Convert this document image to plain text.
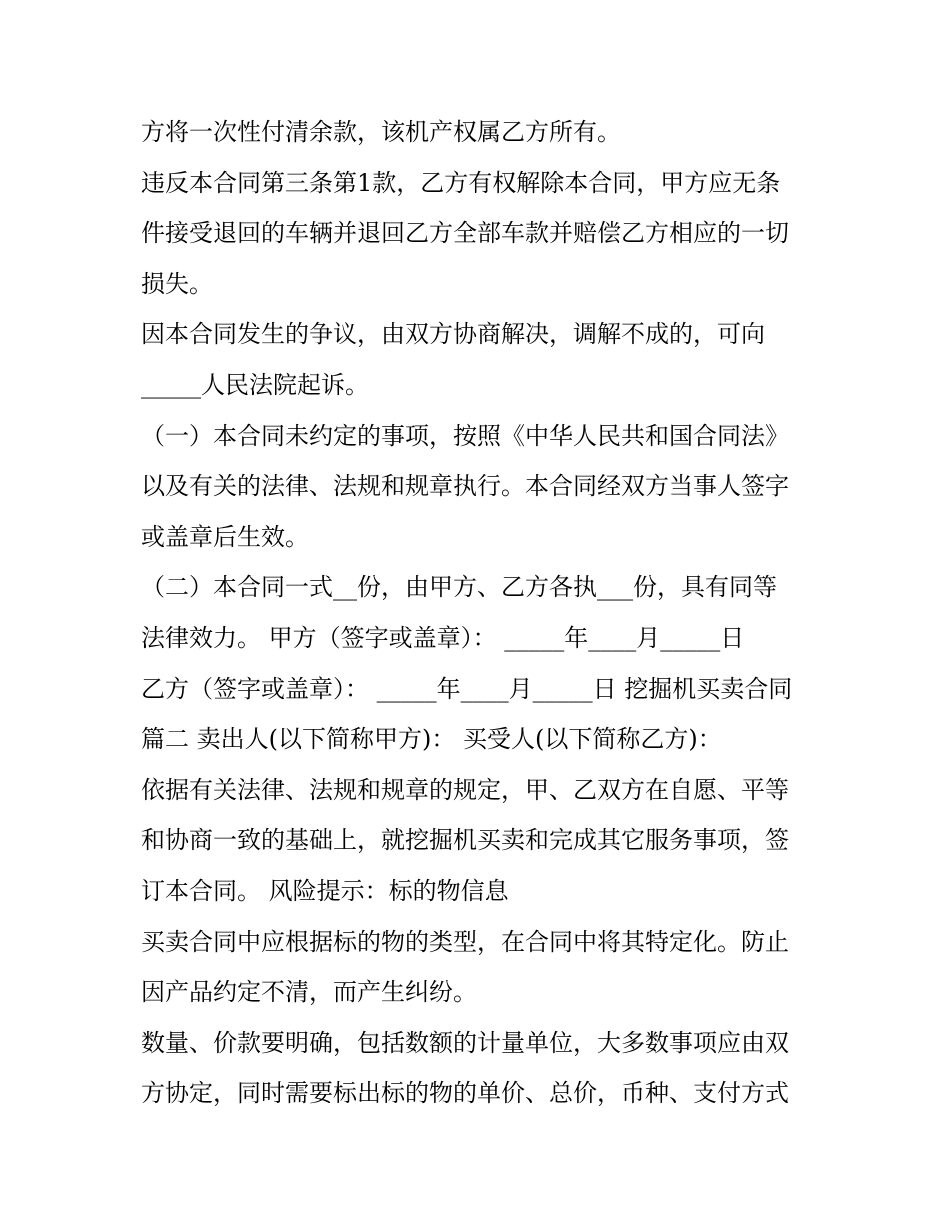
方将一次性付清余款，该机产权属乙方所有。
违反本合同第三条第1款，乙方有权解除本合同，甲方应无条
件接受退回的车辆并退回乙方全部车款并赔偿乙方相应的一切
损失。
因本合同发生的争议，由双方协商解决，调解不成的，可向
_____人民法院起诉。
（一）本合同未约定的事项，按照《中华人民共和国合同法》
以及有关的法律、法规和规章执行。本合同经双方当事人签字
或盖章后生效。
（二）本合同一式__份，由甲方、乙方各执___份，具有同等
法律效力。 甲方（签字或盖章）： _____年____月_____日
乙方（签字或盖章）： _____年____月_____日 挖掘机买卖合同
篇二 卖出人(以下简称甲方)： 买受人(以下简称乙方)：
依据有关法律、法规和规章的规定，甲、乙双方在自愿、平等
和协商一致的基础上，就挖掘机买卖和完成其它服务事项，签
订本合同。 风险提示：标的物信息
买卖合同中应根据标的物的类型，在合同中将其特定化。防止
因产品约定不清，而产生纠纷。
数量、价款要明确，包括数额的计量单位，大多数事项应由双
方协定，同时需要标出标的物的单价、总价，币种、支付方式
